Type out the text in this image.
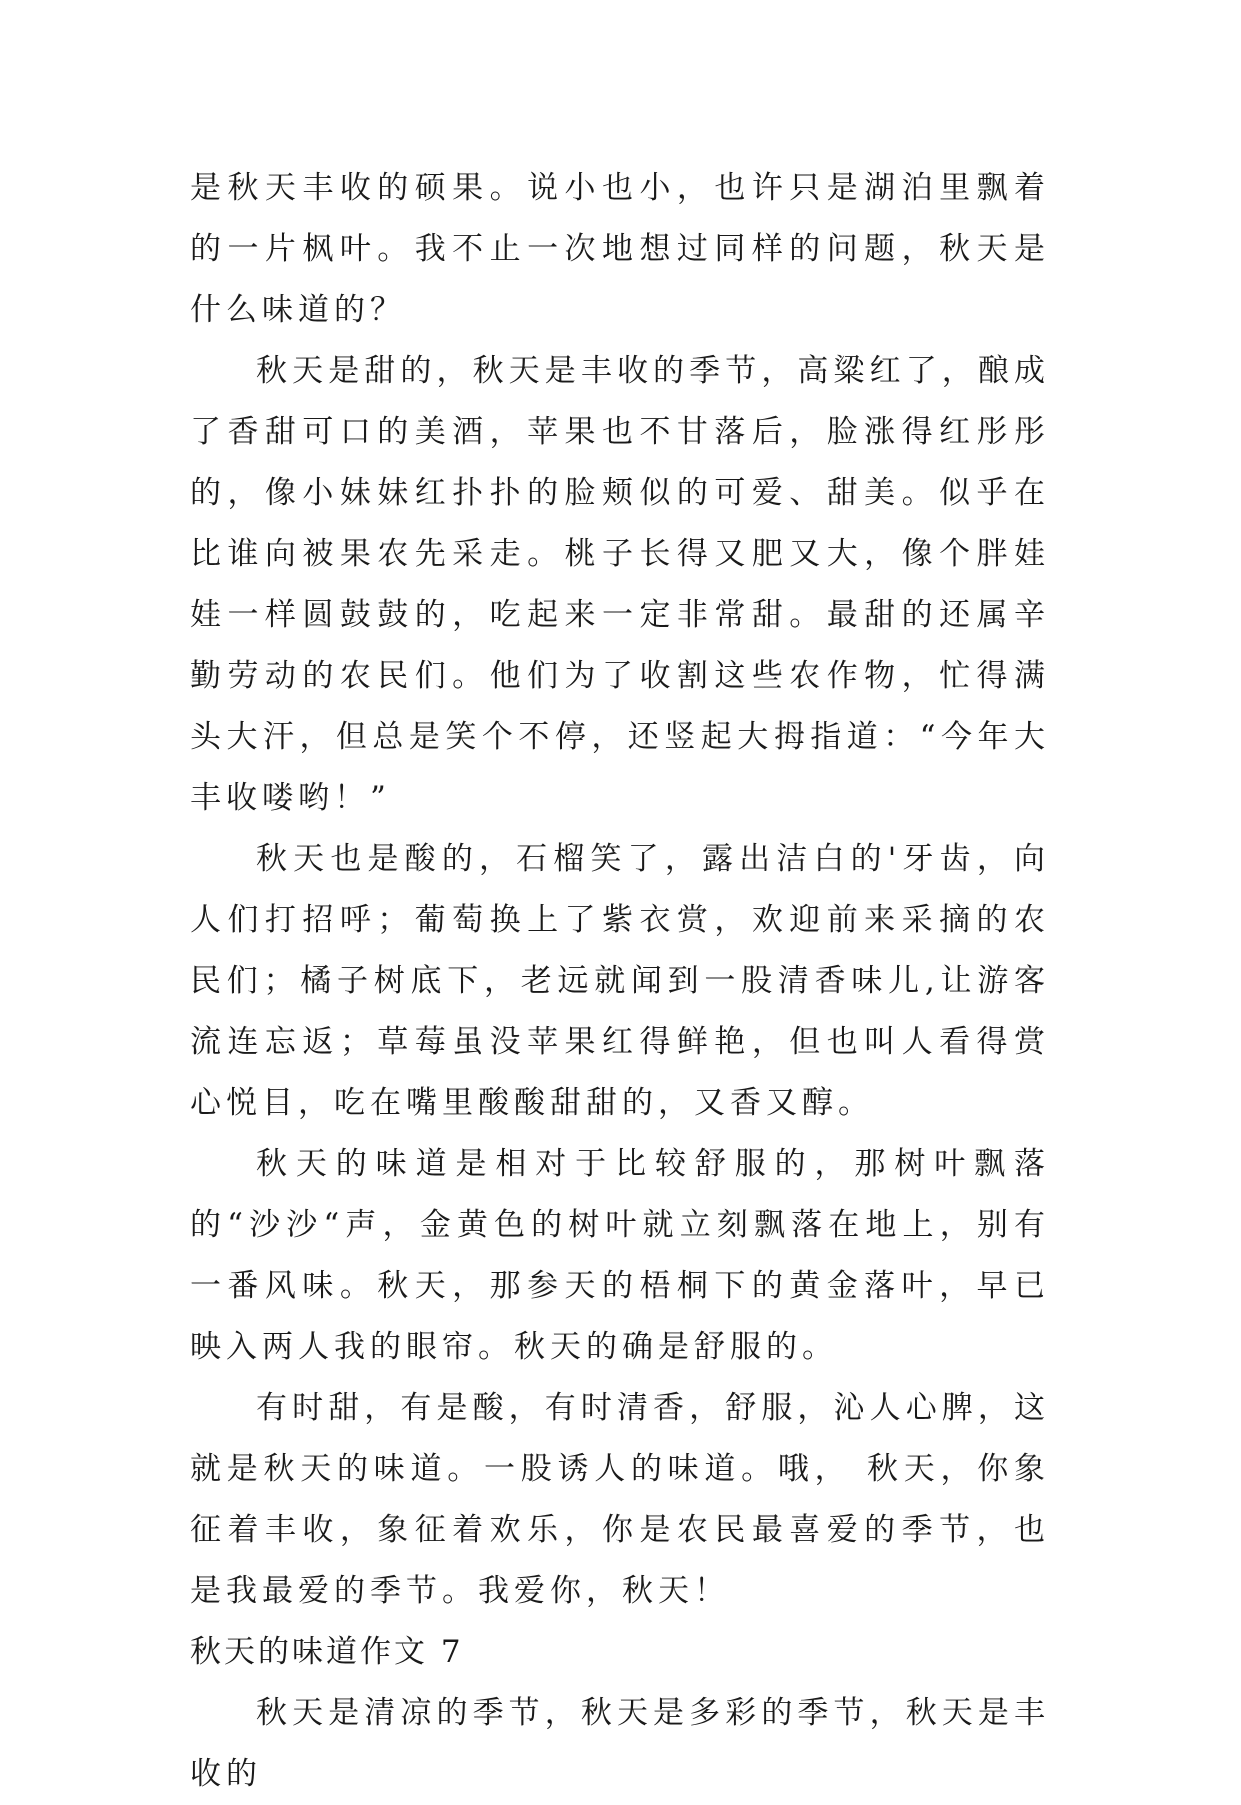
是秋天丰收的硕果。说小也小，也许只是湖泊里飘着的一片枫叶。我不止一次地想过同样的问题，秋天是什么味道的？

秋天是甜的，秋天是丰收的季节，高粱红了，酿成了香甜可口的美酒，苹果也不甘落后，脸涨得红彤彤的，像小妹妹红扑扑的脸颊似的可爱、甜美。似乎在比谁向被果农先采走。桃子长得又肥又大，像个胖娃娃一样圆鼓鼓的，吃起来一定非常甜。最甜的还属辛勤劳动的农民们。他们为了收割这些农作物，忙得满头大汗，但总是笑个不停，还竖起大拇指道：“今年大丰收喽哟！”

秋天也是酸的，石榴笑了，露出洁白的'牙齿，向人们打招呼；葡萄换上了紫衣赏，欢迎前来采摘的农民们；橘子树底下，老远就闻到一股清香味儿,让游客流连忘返；草莓虽没苹果红得鲜艳，但也叫人看得赏心悦目，吃在嘴里酸酸甜甜的，又香又醇。

秋天的味道是相对于比较舒服的，那树叶飘落的“沙沙“声，金黄色的树叶就立刻飘落在地上，别有一番风味。秋天，那参天的梧桐下的黄金落叶，早已映入两人我的眼帘。秋天的确是舒服的。

有时甜，有是酸，有时清香，舒服，沁人心脾，这就是秋天的味道。一股诱人的味道。哦， 秋天，你象征着丰收，象征着欢乐，你是农民最喜爱的季节，也是我最爱的季节。我爱你，秋天！

秋天的味道作文 7

秋天是清凉的季节，秋天是多彩的季节，秋天是丰收的
